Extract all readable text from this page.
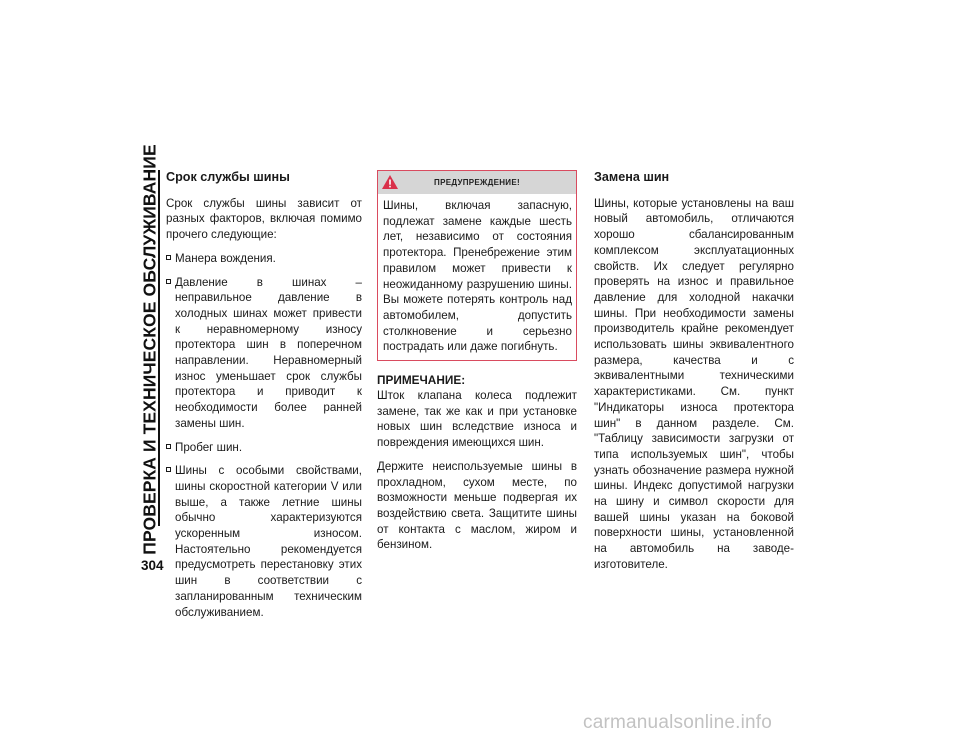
ПРОВЕРКА И ТЕХНИЧЕСКОЕ ОБСЛУЖИВАНИЕ
304
Срок службы шины

Срок службы шины зависит от разных факторов, включая помимо прочего следующие:

Манера вождения.
Давление в шинах – неправильное давление в холодных шинах может привести к неравномерному износу протектора шин в поперечном направлении. Неравномерный износ уменьшает срок службы протектора и приводит к необходимости более ранней замены шин.
Пробег шин.
Шины с особыми свойствами, шины скоростной категории V или выше, а также летние шины обычно характеризуются ускоренным износом. Настоятельно рекомендуется предусмотреть перестановку этих шин в соответствии с запланированным техническим обслуживанием.
ПРЕДУПРЕЖДЕНИЕ!

Шины, включая запасную, подлежат замене каждые шесть лет, независимо от состояния протектора. Пренебрежение этим правилом может привести к неожиданному разрушению шины. Вы можете потерять контроль над автомобилем, допустить столкновение и серьезно пострадать или даже погибнуть.

ПРИМЕЧАНИЕ:

Шток клапана колеса подлежит замене, так же как и при установке новых шин вследствие износа и повреждения имеющихся шин.

Держите неиспользуемые шины в прохладном, сухом месте, по возможности меньше подвергая их воздействию света. Защитите шины от контакта с маслом, жиром и бензином.

Замена шин

Шины, которые установлены на ваш новый автомобиль, отличаются хорошо сбалансированным комплексом эксплуатационных свойств. Их следует регулярно проверять на износ и правильное давление для холодной накачки шины. При необходимости замены производитель крайне рекомендует использовать шины эквивалентного размера, качества и с эквивалентными техническими характеристиками. См. пункт "Индикаторы износа протектора шин" в данном разделе. См. "Таблицу зависимости загрузки от типа используемых шин", чтобы узнать обозначение размера нужной шины. Индекс допустимой нагрузки на шину и символ скорости для вашей шины указан на боковой поверхности шины, установленной на автомобиль на заводе-изготовителе.

carmanualsonline.info
